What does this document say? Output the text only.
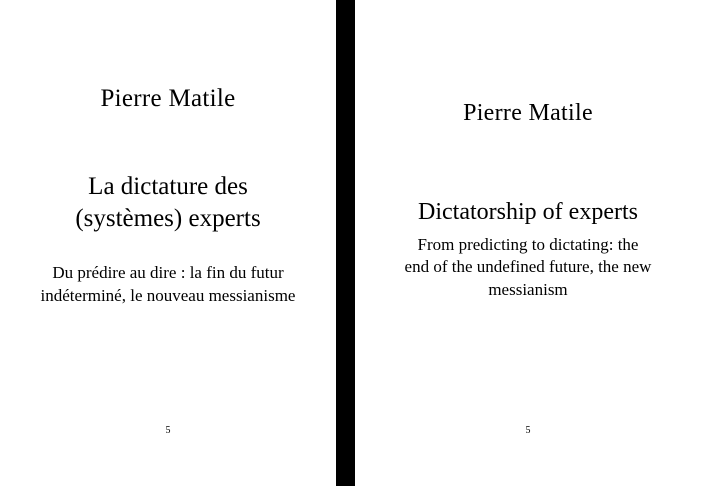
Pierre Matile
La dictature des
(systèmes) experts
Du prédire au dire : la fin du futur
indéterminé, le nouveau messianisme
5
Pierre Matile
Dictatorship of experts
From predicting to dictating: the
end of the undefined future, the new
messianism
5
